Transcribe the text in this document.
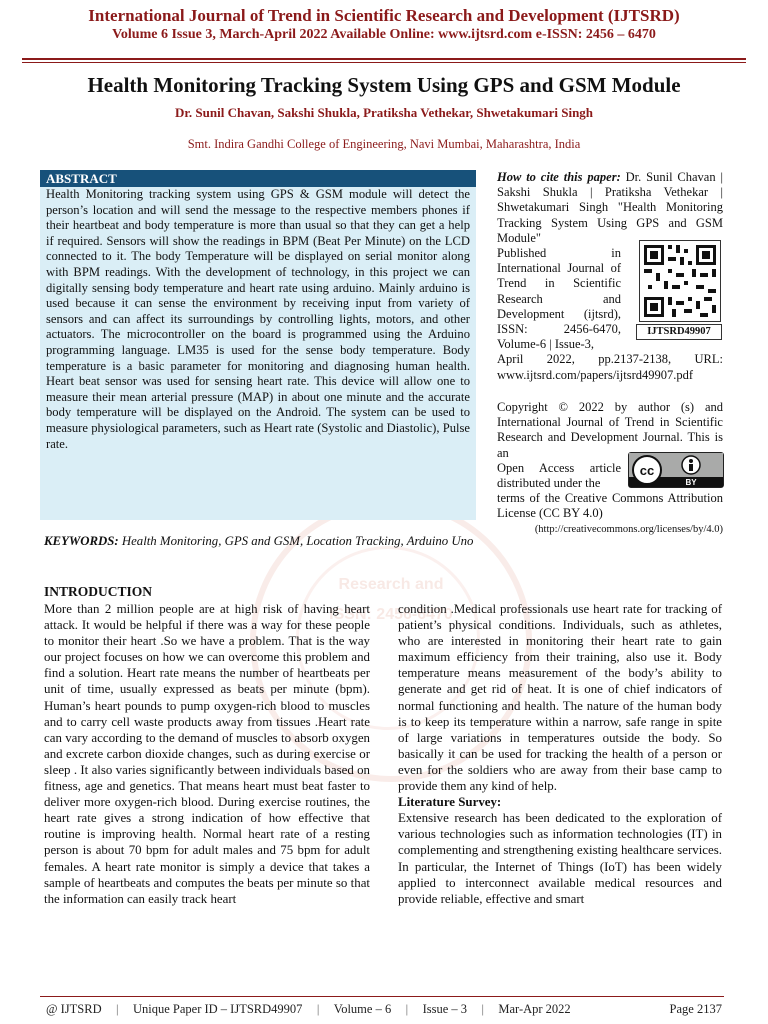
International Journal of Trend in Scientific Research and Development (IJTSRD)
Volume 6 Issue 3, March-April 2022 Available Online: www.ijtsrd.com e-ISSN: 2456 – 6470
Health Monitoring Tracking System Using GPS and GSM Module
Dr. Sunil Chavan, Sakshi Shukla, Pratiksha Vethekar, Shwetakumari Singh
Smt. Indira Gandhi College of Engineering, Navi Mumbai, Maharashtra, India
Research and
ISSN: 2456-6470
ABSTRACT
Health Monitoring tracking system using GPS & GSM module will detect the person’s location and will send the message to the respective members phones if their heartbeat and body temperature is more than usual so that they can get a help if required. Sensors will show the readings in BPM (Beat Per Minute) on the LCD connected to it. The body Temperature will be displayed on serial monitor along with BPM readings. With the development of technology, in this project we can digitally sensing body temperature and heart rate using arduino. Mainly arduino is used because it can sense the environment by receiving input from variety of sensors and can affect its surroundings by controlling lights, motors, and other actuators. The microcontroller on the board is programmed using the Arduino programming language. LM35 is used for the sense body temperature. Body temperature is a basic parameter for monitoring and diagnosing human health. Heart beat sensor was used for sensing heart rate. This device will allow one to measure their mean arterial pressure (MAP) in about one minute and the accurate body temperature will be displayed on the Android. The system can be used to measure physiological parameters, such as Heart rate (Systolic and Diastolic), Pulse rate.
How to cite this paper: Dr. Sunil Chavan | Sakshi Shukla | Pratiksha Vethekar | Shwetakumari Singh "Health Monitoring Tracking System Using GPS and GSM Module"
Published in International Journal of Trend in Scientific Research and Development (ijtsrd), ISSN: 2456-6470, Volume-6 | Issue-3,
April 2022, pp.2137-2138, URL: www.ijtsrd.com/papers/ijtsrd49907.pdf
IJTSRD49907
Copyright © 2022 by author (s) and International Journal of Trend in Scientific Research and Development Journal. This is an
Open Access article distributed under the
terms of the Creative Commons Attribution License (CC BY 4.0)
cc
BY
(http://creativecommons.org/licenses/by/4.0)
KEYWORDS: Health Monitoring, GPS and GSM, Location Tracking, Arduino Uno
INTRODUCTION
More than 2 million people are at high risk of having heart attack. It would be helpful if there was a way for these people to monitor their heart .So we have a problem. That is the way our project focuses on how we can overcome this problem and find a solution. Heart rate means the number of heartbeats per unit of time, usually expressed as beats per minute (bpm). Human’s heart pounds to pump oxygen-rich blood to muscles and to carry cell waste products away from tissues .Heart rate can vary according to the demand of muscles to absorb oxygen and excrete carbon dioxide changes, such as during exercise or sleep . It also varies significantly between individuals based on fitness, age and genetics. That means heart must beat faster to deliver more oxygen-rich blood. During exercise routines, the heart rate gives a strong indication of how effective that routine is improving health. Normal heart rate of a resting person is about 70 bpm for adult males and 75 bpm for adult females. A heart rate monitor is simply a device that takes a sample of heartbeats and computes the beats per minute so that the information can easily track heart
condition .Medical professionals use heart rate for tracking of patient’s physical conditions. Individuals, such as athletes, who are interested in monitoring their heart rate to gain maximum efficiency from their training, also use it. Body temperature means measurement of the body’s ability to generate and get rid of heat. It is one of chief indicators of normal functioning and health. The nature of the human body is to keep its temperature within a narrow, safe range in spite of large variations in temperatures outside the body. So basically it can be used for tracking the health of a person or even for the soldiers who are away from their base camp to provide them any kind of help.
Literature Survey:
Extensive research has been dedicated to the exploration of various technologies such as information technologies (IT) in complementing and strengthening existing healthcare services. In particular, the Internet of Things (IoT) has been widely applied to interconnect available medical resources and provide reliable, effective and smart
@ IJTSRD | Unique Paper ID – IJTSRD49907 | Volume – 6 | Issue – 3 | Mar-Apr 2022	Page 2137
